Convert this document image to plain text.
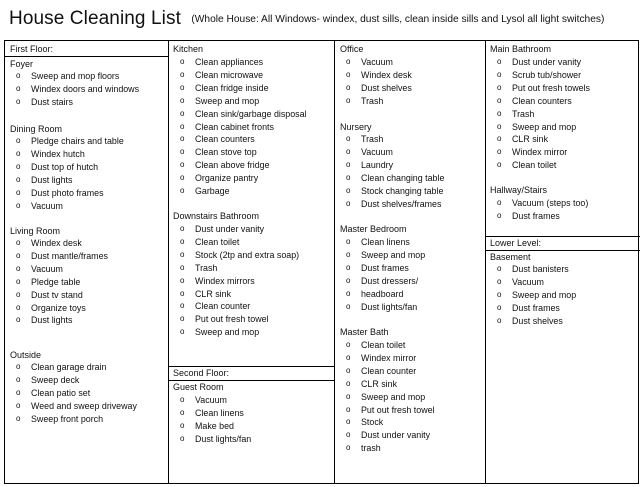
House Cleaning List (Whole House: All Windows- windex, dust sills, clean inside sills and Lysol all light switches)
First Floor:
Foyer
o Sweep and mop floors
o Windex doors and windows
o Dust stairs
Dining Room
o Pledge chairs and table
o Windex hutch
o Dust top of hutch
o Dust lights
o Dust photo frames
o Vacuum
Living Room
o Windex desk
o Dust mantle/frames
o Vacuum
o Pledge table
o Dust tv stand
o Organize toys
o Dust lights
Outside
o Clean garage drain
o Sweep deck
o Clean patio set
o Weed and sweep driveway
o Sweep front porch
Kitchen
o Clean appliances
o Clean microwave
o Clean fridge inside
o Sweep and mop
o Clean sink/garbage disposal
o Clean cabinet fronts
o Clean counters
o Clean stove top
o Clean above fridge
o Organize pantry
o Garbage
Downstairs Bathroom
o Dust under vanity
o Clean toilet
o Stock (2tp and extra soap)
o Trash
o Windex mirrors
o CLR sink
o Clean counter
o Put out fresh towel
o Sweep and mop
Second Floor:
Guest Room
o Vacuum
o Clean linens
o Make bed
o Dust lights/fan
Office
o Vacuum
o Windex desk
o Dust shelves
o Trash
Nursery
o Trash
o Vacuum
o Laundry
o Clean changing table
o Stock changing table
o Dust shelves/frames
Master Bedroom
o Clean linens
o Sweep and mop
o Dust frames
o Dust dressers/
o headboard
o Dust lights/fan
Master Bath
o Clean toilet
o Windex mirror
o Clean counter
o CLR sink
o Sweep and mop
o Put out fresh towel
o Stock
o Dust under vanity
o trash
Main Bathroom
o Dust under vanity
o Scrub tub/shower
o Put out fresh towels
o Clean counters
o Trash
o Sweep and mop
o CLR sink
o Windex mirror
o Clean toilet
Hallway/Stairs
o Vacuum (steps too)
o Dust frames
Lower Level:
Basement
o Dust banisters
o Vacuum
o Sweep and mop
o Dust frames
o Dust shelves
